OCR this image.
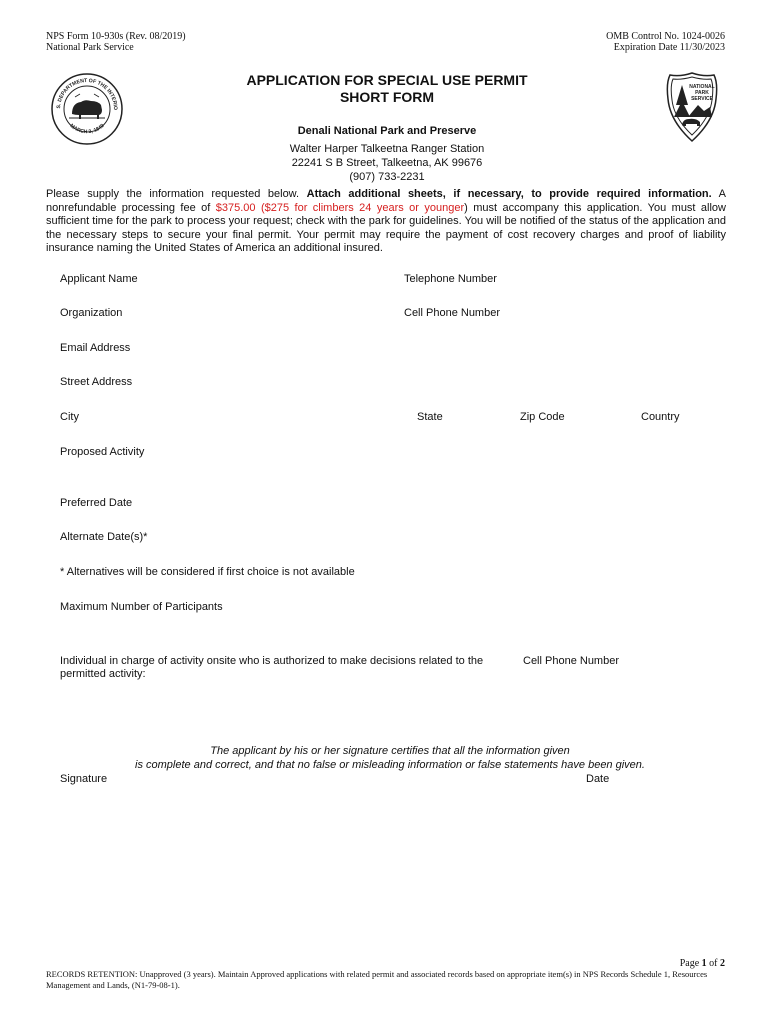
NPS Form 10-930s (Rev. 08/2019)
National Park Service
OMB Control No. 1024-0026
Expiration Date 11/30/2023
S. DEPARTMENT OF THE INTERIO
MARCH 3, 1849
NATIONAL
PARK
SERVICE
APPLICATION FOR SPECIAL USE PERMIT
SHORT FORM
Denali National Park and Preserve
Walter Harper Talkeetna Ranger Station
22241 S B Street, Talkeetna, AK 99676
(907) 733-2231
Please supply the information requested below. Attach additional sheets, if necessary, to provide required information. A nonrefundable processing fee of $375.00 ($275 for climbers 24 years or younger) must accompany this application. You must allow sufficient time for the park to process your request; check with the park for guidelines. You will be notified of the status of the application and the necessary steps to secure your final permit. Your permit may require the payment of cost recovery charges and proof of liability insurance naming the United States of America an additional insured.
Applicant Name	Telephone Number
Organization	Cell Phone Number
Email Address
Street Address
City	State	Zip Code	Country
Proposed Activity
Preferred Date
Alternate Date(s)*
* Alternatives will be considered if first choice is not available
Maximum Number of Participants
Individual in charge of activity onsite who is authorized to make decisions related to the
permitted activity:
Cell Phone Number
The applicant by his or her signature certifies that all the information given
is complete and correct, and that no false or misleading information or false statements have been given.
Signature	Date
Page 1 of 2
RECORDS RETENTION: Unapproved (3 years). Maintain Approved applications with related permit and associated records based on appropriate item(s) in NPS Records Schedule 1, Resources Management and Lands, (N1-79-08-1).
